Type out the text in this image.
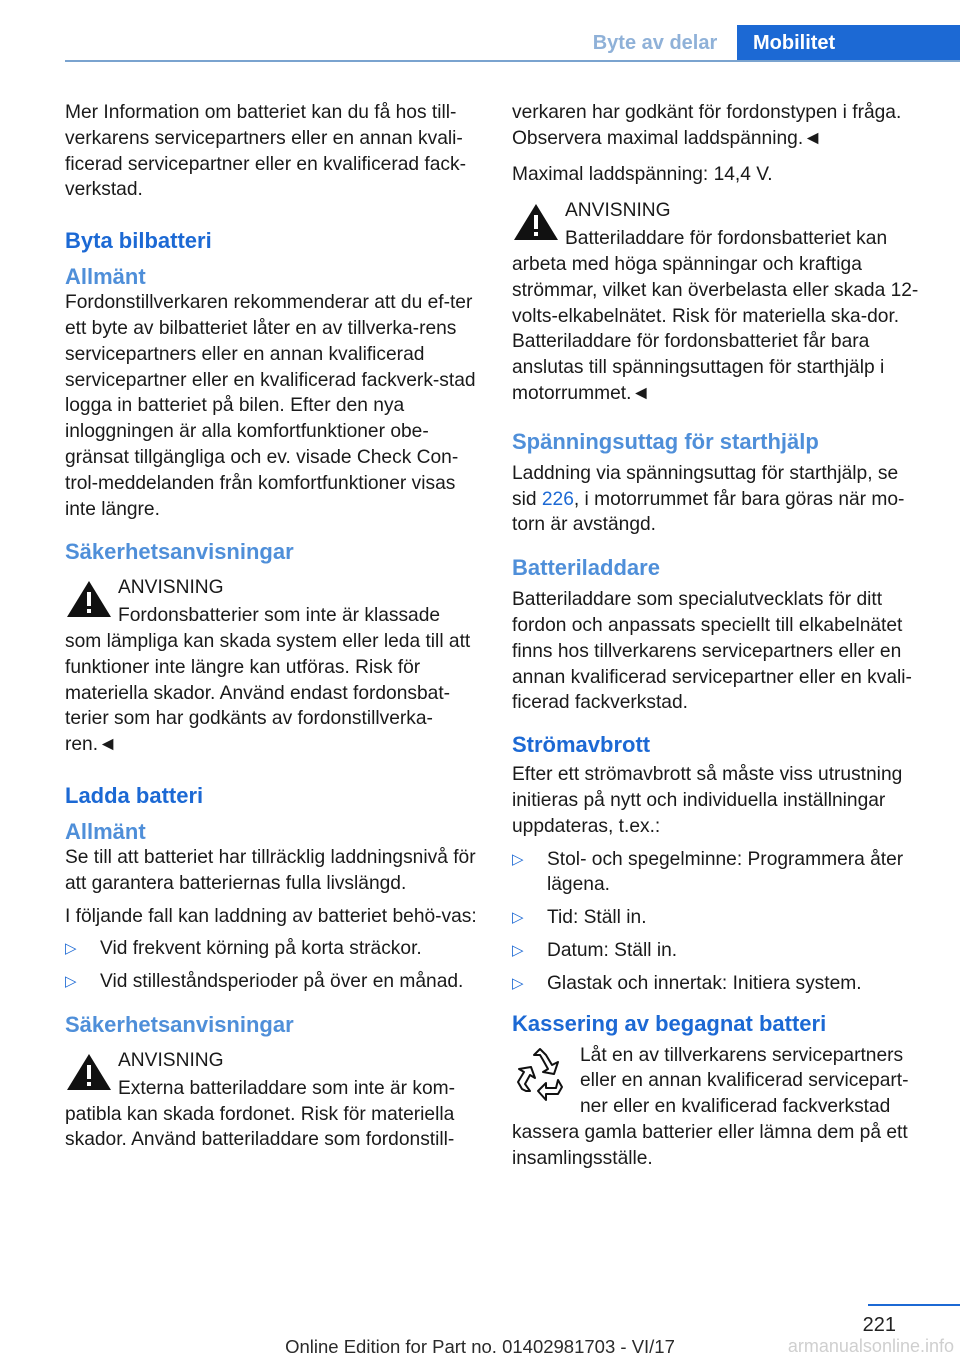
Byte av delar	Mobilitet

Mer Information om batteriet kan du få hos till-verkarens servicepartners eller en annan kvali-ficerad servicepartner eller en kvalificerad fack-verkstad.

Byta bilbatteri
Allmänt

Fordonstillverkaren rekommenderar att du ef-ter ett byte av bilbatteriet låter en av tillverka-rens servicepartners eller en annan kvalificerad servicepartner eller en kvalificerad fackverk-stad logga in batteriet på bilen. Efter den nya inloggningen är alla komfortfunktioner obe-gränsat tillgängliga och ev. visade Check Con-trol-meddelanden från komfortfunktioner visas inte längre.

Säkerhetsanvisningar
ANVISNING
Fordonsbatterier som inte är klassade som lämpliga kan skada system eller leda till att funktioner inte längre kan utföras. Risk för materiella skador. Använd endast fordonsbat-terier som har godkänts av fordonstillverka-ren.◄
Ladda batteri
Allmänt

Se till att batteriet har tillräcklig laddningsnivå för att garantera batteriernas fulla livslängd.

I följande fall kan laddning av batteriet behö-vas:

▷ Vid frekvent körning på korta sträckor.
▷ Vid stilleståndsperioder på över en månad.
Säkerhetsanvisningar
ANVISNING
Externa batteriladdare som inte är kom-patibla kan skada fordonet. Risk för materiella skador. Använd batteriladdare som fordonstill-

verkaren har godkänt för fordonstypen i fråga. Observera maximal laddspänning.◄

Maximal laddspänning: 14,4 V.

ANVISNING
Batteriladdare för fordonsbatteriet kan arbeta med höga spänningar och kraftiga strömmar, vilket kan överbelasta eller skada 12-volts-elkabelnätet. Risk för materiella ska-dor. Batteriladdare för fordonsbatteriet får bara anslutas till spänningsuttagen för starthjälp i motorrummet.◄
Spänningsuttag för starthjälp

Laddning via spänningsuttag för starthjälp, se sid 226, i motorrummet får bara göras när mo-torn är avstängd.

Batteriladdare

Batteriladdare som specialutvecklats för ditt fordon och anpassats speciellt till elkabelnätet finns hos tillverkarens servicepartners eller en annan kvalificerad servicepartner eller en kvali-ficerad fackverkstad.

Strömavbrott

Efter ett strömavbrott så måste viss utrustning initieras på nytt och individuella inställningar uppdateras, t.ex.:

▷ Stol- och spegelminne: Programmera åter lägena.
▷ Tid: Ställ in.
▷ Datum: Ställ in.
▷ Glastak och innertak: Initiera system.
Kassering av begagnat batteri
Låt en av tillverkarens servicepartners eller en annan kvalificerad servicepart-ner eller en kvalificerad fackverkstad kassera gamla batterier eller lämna dem på ett insamlingsställe.
221
Online Edition for Part no. 01402981703 - VI/17	armanualsonline.info
